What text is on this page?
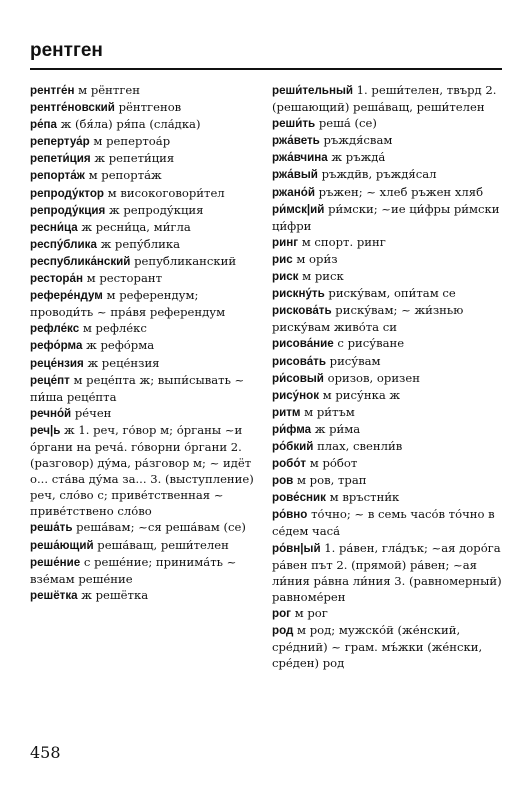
рентген

рентге́н м рёнтген

рентге́новский рёнтгенов

ре́па ж (бя́ла) ря́па (сла́дка)

репертуа́р м репертоа́р

репети́ция ж репети́ция

репорта́ж м репорта́ж

репроду́ктор м високоговори́тел

репроду́кция ж репроду́кция

ресни́ца ж ресни́ца, ми́гла

респу́блика ж репу́блика

республика́нский републиканский

рестора́н м ресторант

рефере́ндум м референдум; проводи́ть ~ пра́вя референдум

рефле́кс м рефле́кс

рефо́рма ж рефо́рма

реце́нзия ж реце́нзия

реце́пт м реце́пта ж; выпи́сывать ~ пи́ша реце́пта

речно́й ре́чен

реч|ь ж 1. реч, го́вор м; о́рганы ~и о́ргани на реча́. го́ворни о́ргани 2. (разговор) ду́ма, ра́зговор м; ~ идёт о... ста́ва ду́ма за... 3. (выступление) реч, сло́во с; приве́тственная ~ приве́тствено сло́во

реша́ть реша́вам; ~ся реша́вам (се)

реша́ющий реша́ващ, реши́телен

реше́ние с реше́ние; принима́ть ~ взе́мам реше́ние

решётка ж решётка

реши́тельный 1. реши́телен, твърд 2. (решающий) реша́ващ, реши́телен

реши́ть реша́ (се)

ржа́веть ръждя́свам

ржа́вчина ж ръжда́

ржа́вый ръждйв, ръждя́сал

ржано́й ръжен; ~ хлеб ръжен хляб

ри́мск|ий ри́мски; ~ие ци́фры ри́мски ци́фри

ринг м спорт. ринг

рис м ори́з

риск м риск

рискну́ть риску́вам, опи́там се

рискова́ть риску́вам; ~ жи́знью риску́вам живо́та си

рисова́ние с рису́ване

рисова́ть рису́вам

ри́совый оризов, оризен

рису́нок м рису́нка ж

ритм м ри́тъм

ри́фма ж ри́ма

ро́бкий плах, свенли́в

робо́т м ро́бот

ров м ров, трап

рове́сник м връстни́к

ро́вно то́чно; ~ в семь часо́в то́чно в се́дем часа́

ро́вн|ый 1. ра́вен, гла́дък; ~ая доро́га ра́вен път 2. (прямой) ра́вен; ~ая ли́ния ра́вна ли́ния 3. (равномерный) равноме́рен

рог м рог

род м род; мужско́й (же́нский, сре́дний) ~ грам. мъ́жки (же́нски, сре́ден) род

458
